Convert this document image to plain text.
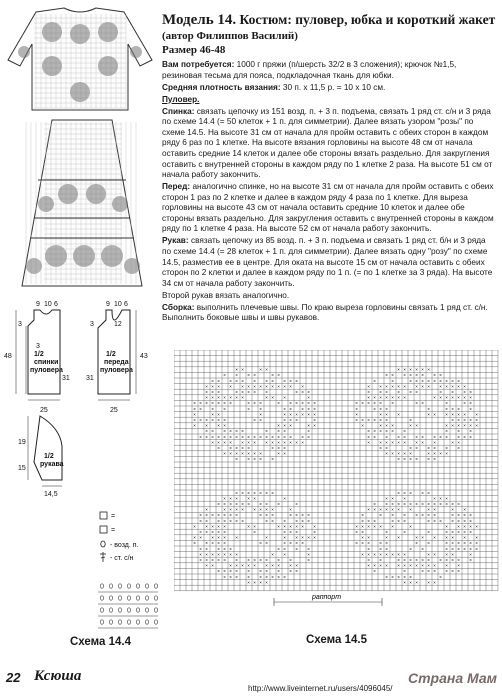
Модель 14. Костюм: пуловер, юбка и короткий жакет
(автор Филиппов Василий)
Размер 46-48

Вам потребуется: 1000 г пряжи (п/шерсть 32/2 в 3 сложения); крючок №1,5, резиновая тесьма для пояса, подкладочная ткань для юбки.

Средняя плотность вязания: 30 п. х 11,5 р. = 10 х 10 см.

Пуловер.

Спинка: связать цепочку из 151 возд. п. + 3 п. подъема, связать 1 ряд ст. с/н и 3 ряда по схеме 14.4 (= 50 клеток + 1 п. для симметрии). Далее вязать узором "розы" по схеме 14.5. На высоте 31 см от начала для пройм оставить с обеих сторон в каждом ряду 6 раз по 1 клетке. На высоте вязания горловины на высоте 48 см от начала оставить средние 14 клеток и далее обе стороны вязать раздельно. Для закругления оставить с внутренней стороны в каждом ряду по 1 клетке 2 раза. На высоте 51 см от начала работу закончить.

Перед: аналогично спинке, но на высоте 31 см от начала для пройм оставить с обеих сторон 1 раз по 2 клетке и далее в каждом ряду 4 раза по 1 клетке. Для выреза горловины на высоте 43 см от начала оставить средние 10 клеток и далее обе стороны вязать раздельно. Для закругления оставить с внутренней стороны в каждом ряду по 1 клетке 4 раза. На высоте 52 см от начала работу закончить.

Рукав: связать цепочку из 85 возд. п. + 3 п. подъема и связать 1 ряд ст. б/н и 3 ряда по схеме 14.4 (= 28 клеток + 1 п. для симметрии). Далее вязать одну "розу" по схеме 14.5, разместив ее в центре. Для оката на высоте 15 см от начала оставить с обеих сторон по 2 клетки и далее в каждом ряду по 1 п. (= по 1 клетке за 3 ряда). На высоте 34 см от начала работу закончить.

Второй рукав вязать аналогично.

Сборка: выполнить плечевые швы. По краю выреза горловины связать 1 ряд ст. с/н. Выполнить боковые швы и швы рукавов.

9 10 6
3
3
48
31
25
1/2
спинки
пуловера
9 10 6
3	12
43
31
25
1/2
переда
пуловера
19
15
14,5
1/2
рукава
=
=
- возд. п.
- ст. с/н
Схема 14.4
× ×	× ×	× × × × × ×
× × × ×	× ×	× × × × × × × ×
× × × × × × × × × × ×	×	×	× × × × × × × × ×
× × × × × × × × × × × × × ×	× × × × × × × × × × × × × ×
× × ×	× × × × ×	× × ×	× × × × × ×	× × × ×
× × × × × × ×	× × ×	×	× × × × × × ×	× × × × × × ×
× × × × × × ×	× × ×	× × × × × ×	× × × × × ×	× ×	×	× ×
× × × ×	× ×	× × × × ×	×	× × ×	×	× × × ×
×	× ×	×	× × × × × ×	×	× × ×	× × × × × × ×
× × × × × ×	× ×	× × ×	×	× × × × × ×	×	× × × × ×
× × × ×	× × ×	× ×	×	× × ×	× ×	× × × × × ×
× × × × × ×	× × ×	×	× × × × × ×	× × ×
× × × × × × × × × × × × × × × × × ×	× × × × × × × × × × × × ×
× × × × × × × × × × × × × ×	× × × × × × × × ×	× ×
× × × × ×	× × ×	× ×	× × × × × ×
× × × × × × ×	× ×	× × × × ×	× × × ×
× × × × ×	× × × × × ×
× × × × × × ×	× × × × ×
× × × × ×	×	× × ×	× × ×
× × × × × × × × ×	×	× × × × × × × × × × × × × ×
×	× × × × × × × ×	×	× × × × × × ×	× ×	× ×
× × × × × × ×	× × ×	× × × ×	×	× × × × × × ×	× × × ×
× × × × × × ×	× × × × × ×	× × ×	× × ×	× × × × × × ×
× × × × ×	× ×	× × × × × ×	× × × × × ×	×	× × × × ×
× × × × ×	×	× × ×	×	× ×	×	×	×	× × × × ×
× × × × × ×	×	× × × × ×	× ×	× ×	× × × × × × ×
× × × × ×	× ×	× × × ×	× × × × ×	× ×	× × × × × ×
× × × × ×	× × × ×	× × ×	× ×	× × × × × ×
× × × × × × ×	× ×	×	× × × × × × × ×	× × × ×	×
× × × × × × × × × × × ×	×	× ×	× × × × × × × × × × ×
× ×	× × × × × × × × × ×	× × × × × × × × × × × × ×
× × × × × × × × × ×	×	×	× × × × × ×
× × × × × × × × ×	× × × × ×	×
× × × ×	× × × × ×
раппорт
Схема 14.5
22 Ксюша
http://www.liveinternet.ru/users/4096045/
Страна Мам
